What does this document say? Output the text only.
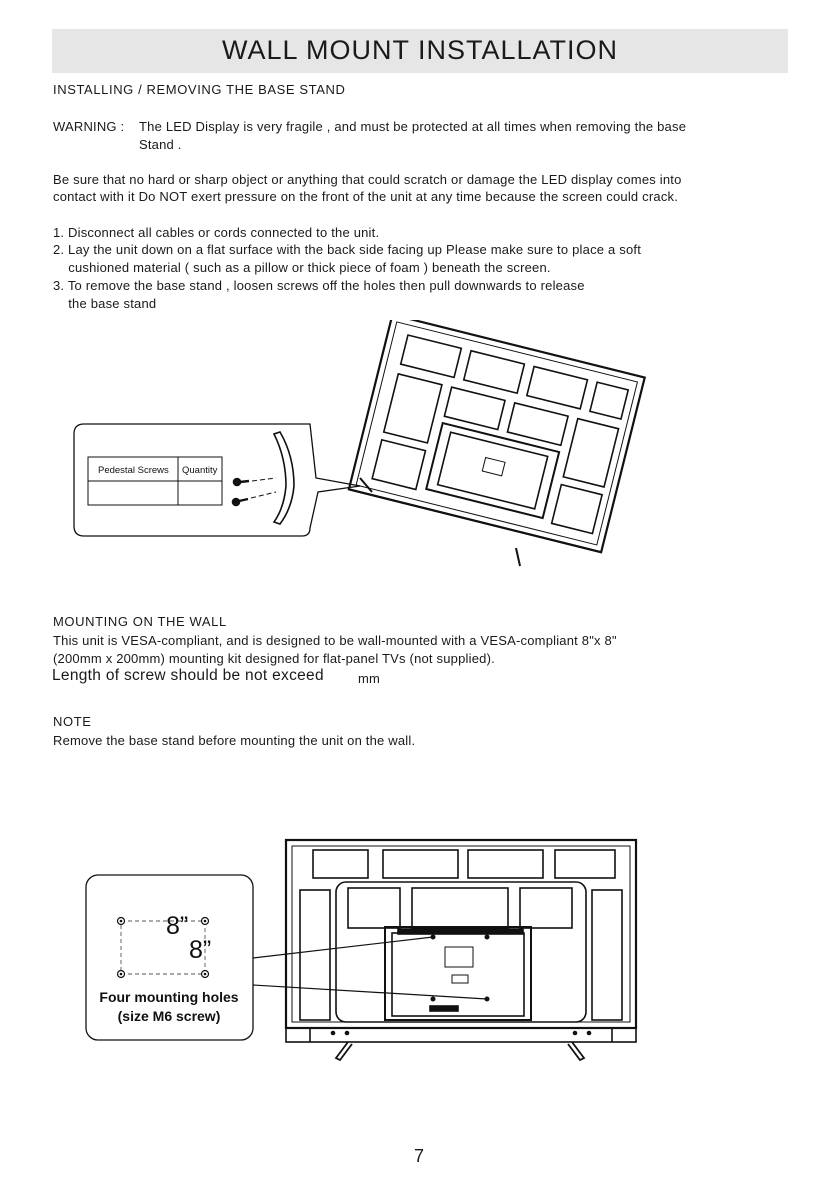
WALL MOUNT INSTALLATION
INSTALLING / REMOVING THE BASE STAND
WARNING : The LED Display is very fragile , and must be protected at all times when removing the base
Stand .
Be sure that no hard or sharp object or anything that could scratch or damage the LED display comes into
contact with it Do NOT exert pressure on the front of the unit at any time because the screen could crack.
1. Disconnect all cables or cords connected to the unit.
2. Lay the unit down on a flat surface with the back side facing up Please make sure to place a soft
cushioned material ( such as a pillow or thick piece of foam ) beneath the screen.
3. To remove the base stand , loosen screws off the holes then pull downwards to release
the base stand
Pedestal Screws Quantity
MOUNTING ON THE WALL
This unit is VESA-compliant, and is designed to be wall-mounted with a VESA-compliant 8"x 8"
(200mm x 200mm) mounting kit designed for flat-panel TVs (not supplied).
Length of screw should be not exceed	mm
NOTE
Remove the base stand before mounting the unit on the wall.
8”
8”
Four mounting holes
(size M6 screw)
7
